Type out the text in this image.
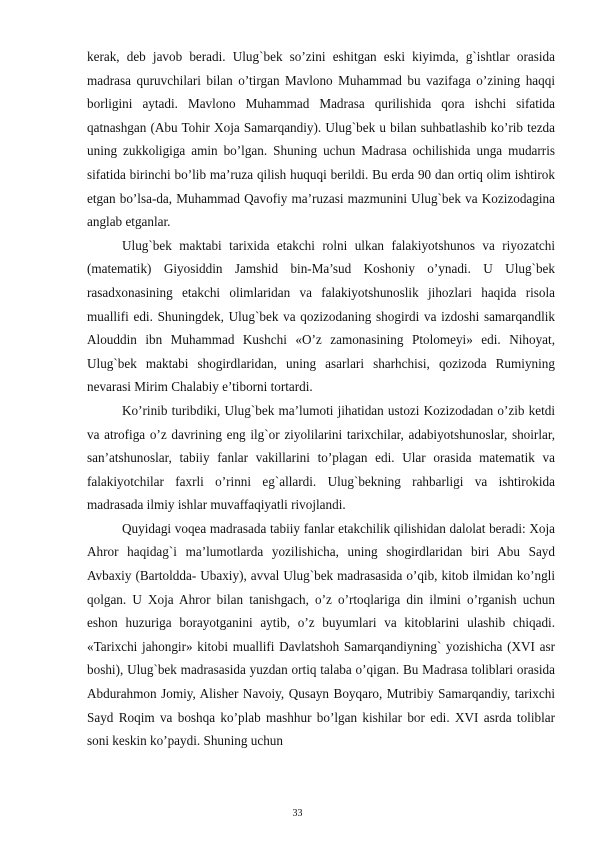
kerak, deb javob beradi. Ulug`bek so’zini eshitgan eski kiyimda, g`ishtlar orasida madrasa quruvchilari bilan o’tirgan Mavlono Muhammad bu vazifaga o’zining haqqi borligini aytadi. Mavlono Muhammad Madrasa qurilishida qora ishchi sifatida qatnashgan (Abu Tohir Xoja Samarqandiy). Ulug`bek u bilan suhbatlashib ko’rib tezda uning zukkoligiga amin bo’lgan. Shuning uchun Madrasa ochilishida unga mudarris sifatida birinchi bo’lib ma’ruza qilish huquqi berildi. Bu erda 90 dan ortiq olim ishtirok etgan bo’lsa-da, Muhammad Qavofiy ma’ruzasi mazmunini Ulug`bek va Kozizodagina anglab etganlar.

Ulug`bek maktabi tarixida etakchi rolni ulkan falakiyotshunos va riyozatchi (matematik) Giyosiddin Jamshid bin-Ma’sud Koshoniy o’ynadi. U Ulug`bek rasadxonasining etakchi olimlaridan va falakiyotshunoslik jihozlari haqida risola muallifi edi. Shuningdek, Ulug`bek va qozizodaning shogirdi va izdoshi samarqandlik Alouddin ibn Muhammad Kushchi «O’z zamonasining Ptolomeyi» edi. Nihoyat, Ulug`bek maktabi shogirdlaridan, uning asarlari sharhchisi, qozizoda Rumiyning nevarasi Mirim Chalabiy e’tiborni tortardi.

Ko’rinib turibdiki, Ulug`bek ma’lumoti jihatidan ustozi Kozizodadan o’zib ketdi va atrofiga o’z davrining eng ilg`or ziyolilarini tarixchilar, adabiyotshunoslar, shoirlar, san’atshunoslar, tabiiy fanlar vakillarini to’plagan edi. Ular orasida matematik va falakiyotchilar faxrli o’rinni eg`allardi. Ulug`bekning rahbarligi va ishtirokida madrasada ilmiy ishlar muvaffaqiyatli rivojlandi.

Quyidagi voqea madrasada tabiiy fanlar etakchilik qilishidan dalolat beradi: Xoja Ahror haqidag`i ma’lumotlarda yozilishicha, uning shogirdlaridan biri Abu Sayd Avbaxiy (Bartoldda- Ubaxiy), avval Ulug`bek madrasasida o’qib, kitob ilmidan ko’ngli qolgan. U Xoja Ahror bilan tanishgach, o’z o’rtoqlariga din ilmini o’rganish uchun eshon huzuriga borayotganini aytib, o’z buyumlari va kitoblarini ulashib chiqadi. «Tarixchi jahongir» kitobi muallifi Davlatshoh Samarqandiyning` yozishicha (XVI asr boshi), Ulug`bek madrasasida yuzdan ortiq talaba o’qigan. Bu Madrasa toliblari orasida Abdurahmon Jomiy, Alisher Navoiy, Qusayn Boyqaro, Mutribiy Samarqandiy, tarixchi Sayd Roqim va boshqa ko’plab mashhur bo’lgan kishilar bor edi. XVI asrda toliblar soni keskin ko’paydi. Shuning uchun

33
